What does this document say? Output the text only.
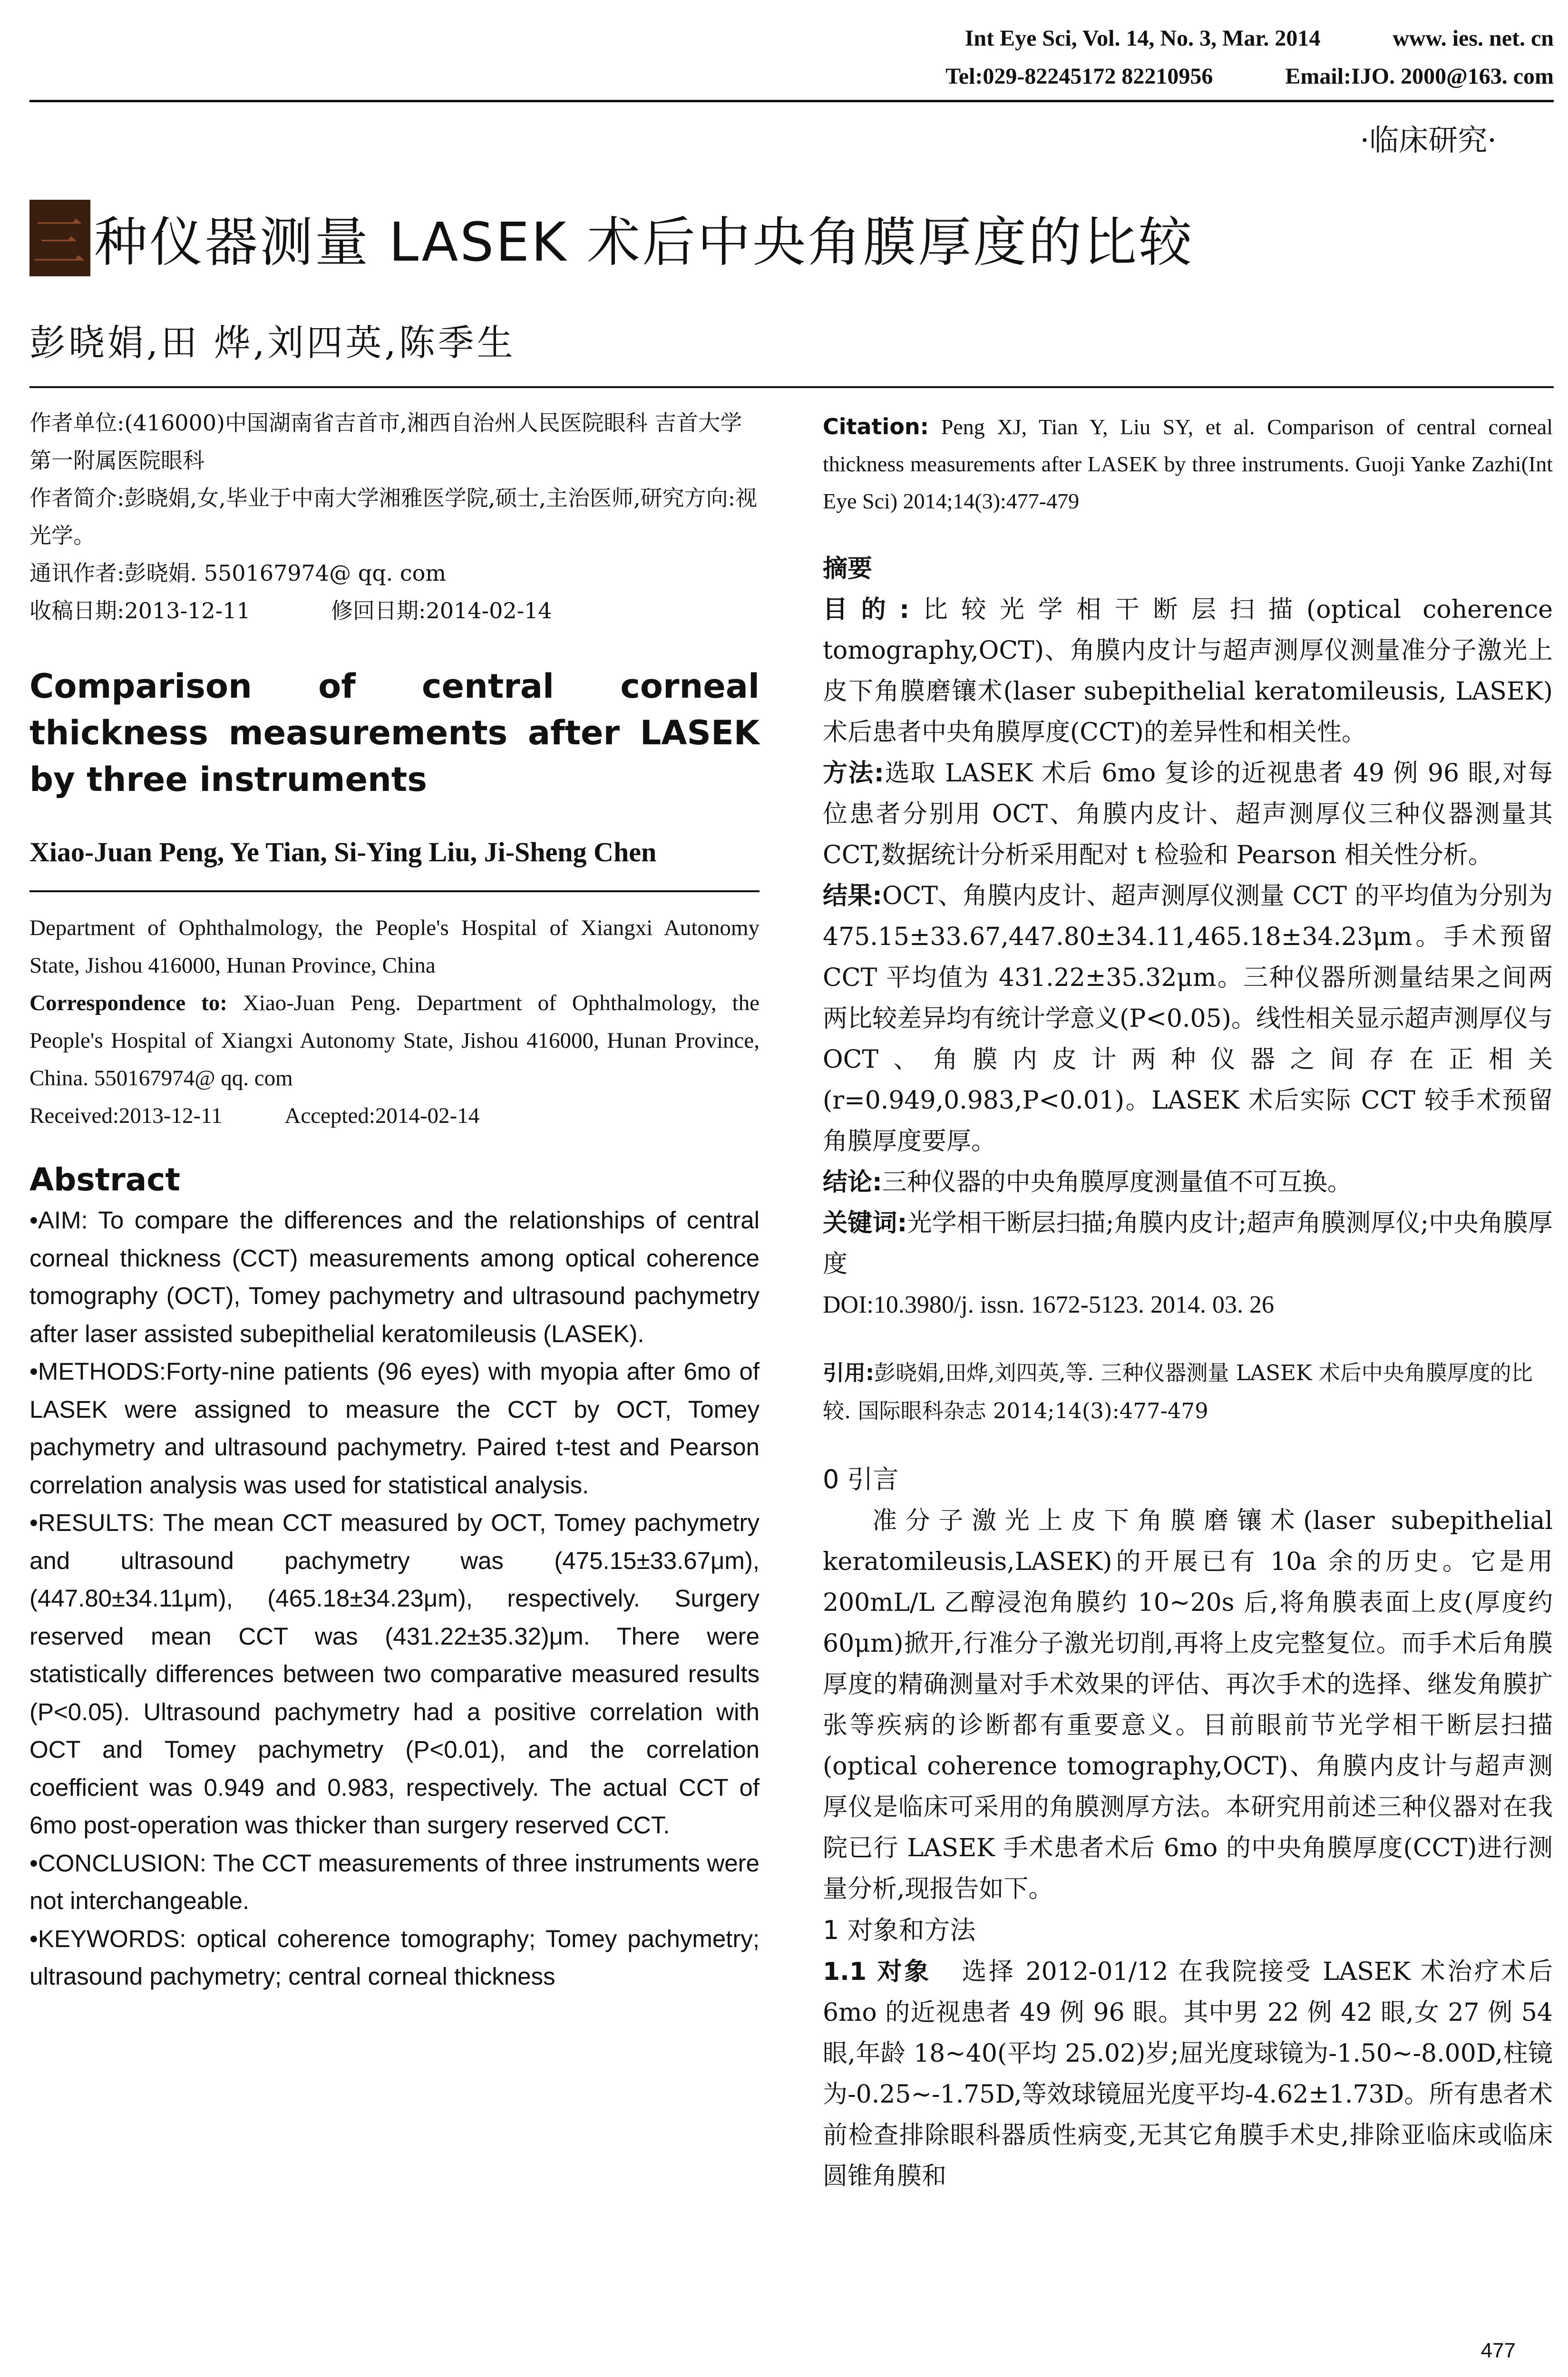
Int Eye Sci, Vol. 14, No. 3, Mar. 2014	www. ies. net. cn
Tel:029-82245172 82210956	Email:IJO. 2000@163. com
·临床研究·
三 种仪器测量 LASEK 术后中央角膜厚度的比较
彭晓娟,田 烨,刘四英,陈季生
作者单位:(416000)中国湖南省吉首市,湘西自治州人民医院眼科 吉首大学第一附属医院眼科
作者简介:彭晓娟,女,毕业于中南大学湘雅医学院,硕士,主治医师,研究方向:视光学。
通讯作者:彭晓娟. 550167974@ qq. com
收稿日期:2013-12-11	修回日期:2014-02-14
Comparison of central corneal thickness measurements after LASEK by three instruments
Xiao-Juan Peng, Ye Tian, Si-Ying Liu, Ji-Sheng Chen
Department of Ophthalmology, the People's Hospital of Xiangxi Autonomy State, Jishou 416000, Hunan Province, China
Correspondence to: Xiao-Juan Peng. Department of Ophthalmology, the People's Hospital of Xiangxi Autonomy State, Jishou 416000, Hunan Province, China. 550167974@ qq. com
Received:2013-12-11	Accepted:2014-02-14
Abstract

•AIM: To compare the differences and the relationships of central corneal thickness (CCT) measurements among optical coherence tomography (OCT), Tomey pachymetry and ultrasound pachymetry after laser assisted subepithelial keratomileusis (LASEK).

•METHODS:Forty-nine patients (96 eyes) with myopia after 6mo of LASEK were assigned to measure the CCT by OCT, Tomey pachymetry and ultrasound pachymetry. Paired t-test and Pearson correlation analysis was used for statistical analysis.

•RESULTS: The mean CCT measured by OCT, Tomey pachymetry and ultrasound pachymetry was (475.15±33.67μm), (447.80±34.11μm), (465.18±34.23μm), respectively. Surgery reserved mean CCT was (431.22±35.32)μm. There were statistically differences between two comparative measured results (P<0.05). Ultrasound pachymetry had a positive correlation with OCT and Tomey pachymetry (P<0.01), and the correlation coefficient was 0.949 and 0.983, respectively. The actual CCT of 6mo post-operation was thicker than surgery reserved CCT.

•CONCLUSION: The CCT measurements of three instruments were not interchangeable.

•KEYWORDS: optical coherence tomography; Tomey pachymetry; ultrasound pachymetry; central corneal thickness

Citation: Peng XJ, Tian Y, Liu SY, et al. Comparison of central corneal thickness measurements after LASEK by three instruments. Guoji Yanke Zazhi(Int Eye Sci) 2014;14(3):477-479

摘要

目的:比较光学相干断层扫描(optical coherence tomography,OCT)、角膜内皮计与超声测厚仪测量准分子激光上皮下角膜磨镶术(laser subepithelial keratomileusis, LASEK)术后患者中央角膜厚度(CCT)的差异性和相关性。

方法:选取 LASEK 术后 6mo 复诊的近视患者 49 例 96 眼,对每位患者分别用 OCT、角膜内皮计、超声测厚仪三种仪器测量其 CCT,数据统计分析采用配对 t 检验和 Pearson 相关性分析。

结果:OCT、角膜内皮计、超声测厚仪测量 CCT 的平均值为分别为 475.15±33.67,447.80±34.11,465.18±34.23μm。手术预留 CCT 平均值为 431.22±35.32μm。三种仪器所测量结果之间两两比较差异均有统计学意义(P<0.05)。线性相关显示超声测厚仪与 OCT、角膜内皮计两种仪器之间存在正相关(r=0.949,0.983,P<0.01)。LASEK 术后实际 CCT 较手术预留角膜厚度要厚。

结论:三种仪器的中央角膜厚度测量值不可互换。

关键词:光学相干断层扫描;角膜内皮计;超声角膜测厚仪;中央角膜厚度

DOI:10.3980/j. issn. 1672-5123. 2014. 03. 26

引用:彭晓娟,田烨,刘四英,等. 三种仪器测量 LASEK 术后中央角膜厚度的比较. 国际眼科杂志 2014;14(3):477-479
0 引言
准分子激光上皮下角膜磨镶术(laser subepithelial keratomileusis,LASEK)的开展已有 10a 余的历史。它是用 200mL/L 乙醇浸泡角膜约 10~20s 后,将角膜表面上皮(厚度约 60μm)掀开,行准分子激光切削,再将上皮完整复位。而手术后角膜厚度的精确测量对手术效果的评估、再次手术的选择、继发角膜扩张等疾病的诊断都有重要意义。目前眼前节光学相干断层扫描(optical coherence tomography,OCT)、角膜内皮计与超声测厚仪是临床可采用的角膜测厚方法。本研究用前述三种仪器对在我院已行 LASEK 手术患者术后 6mo 的中央角膜厚度(CCT)进行测量分析,现报告如下。
1 对象和方法
1.1 对象 选择 2012-01/12 在我院接受 LASEK 术治疗术后 6mo 的近视患者 49 例 96 眼。其中男 22 例 42 眼,女 27 例 54 眼,年龄 18~40(平均 25.02)岁;屈光度球镜为-1.50~-8.00D,柱镜为-0.25~-1.75D,等效球镜屈光度平均-4.62±1.73D。所有患者术前检查排除眼科器质性病变,无其它角膜手术史,排除亚临床或临床圆锥角膜和
477
